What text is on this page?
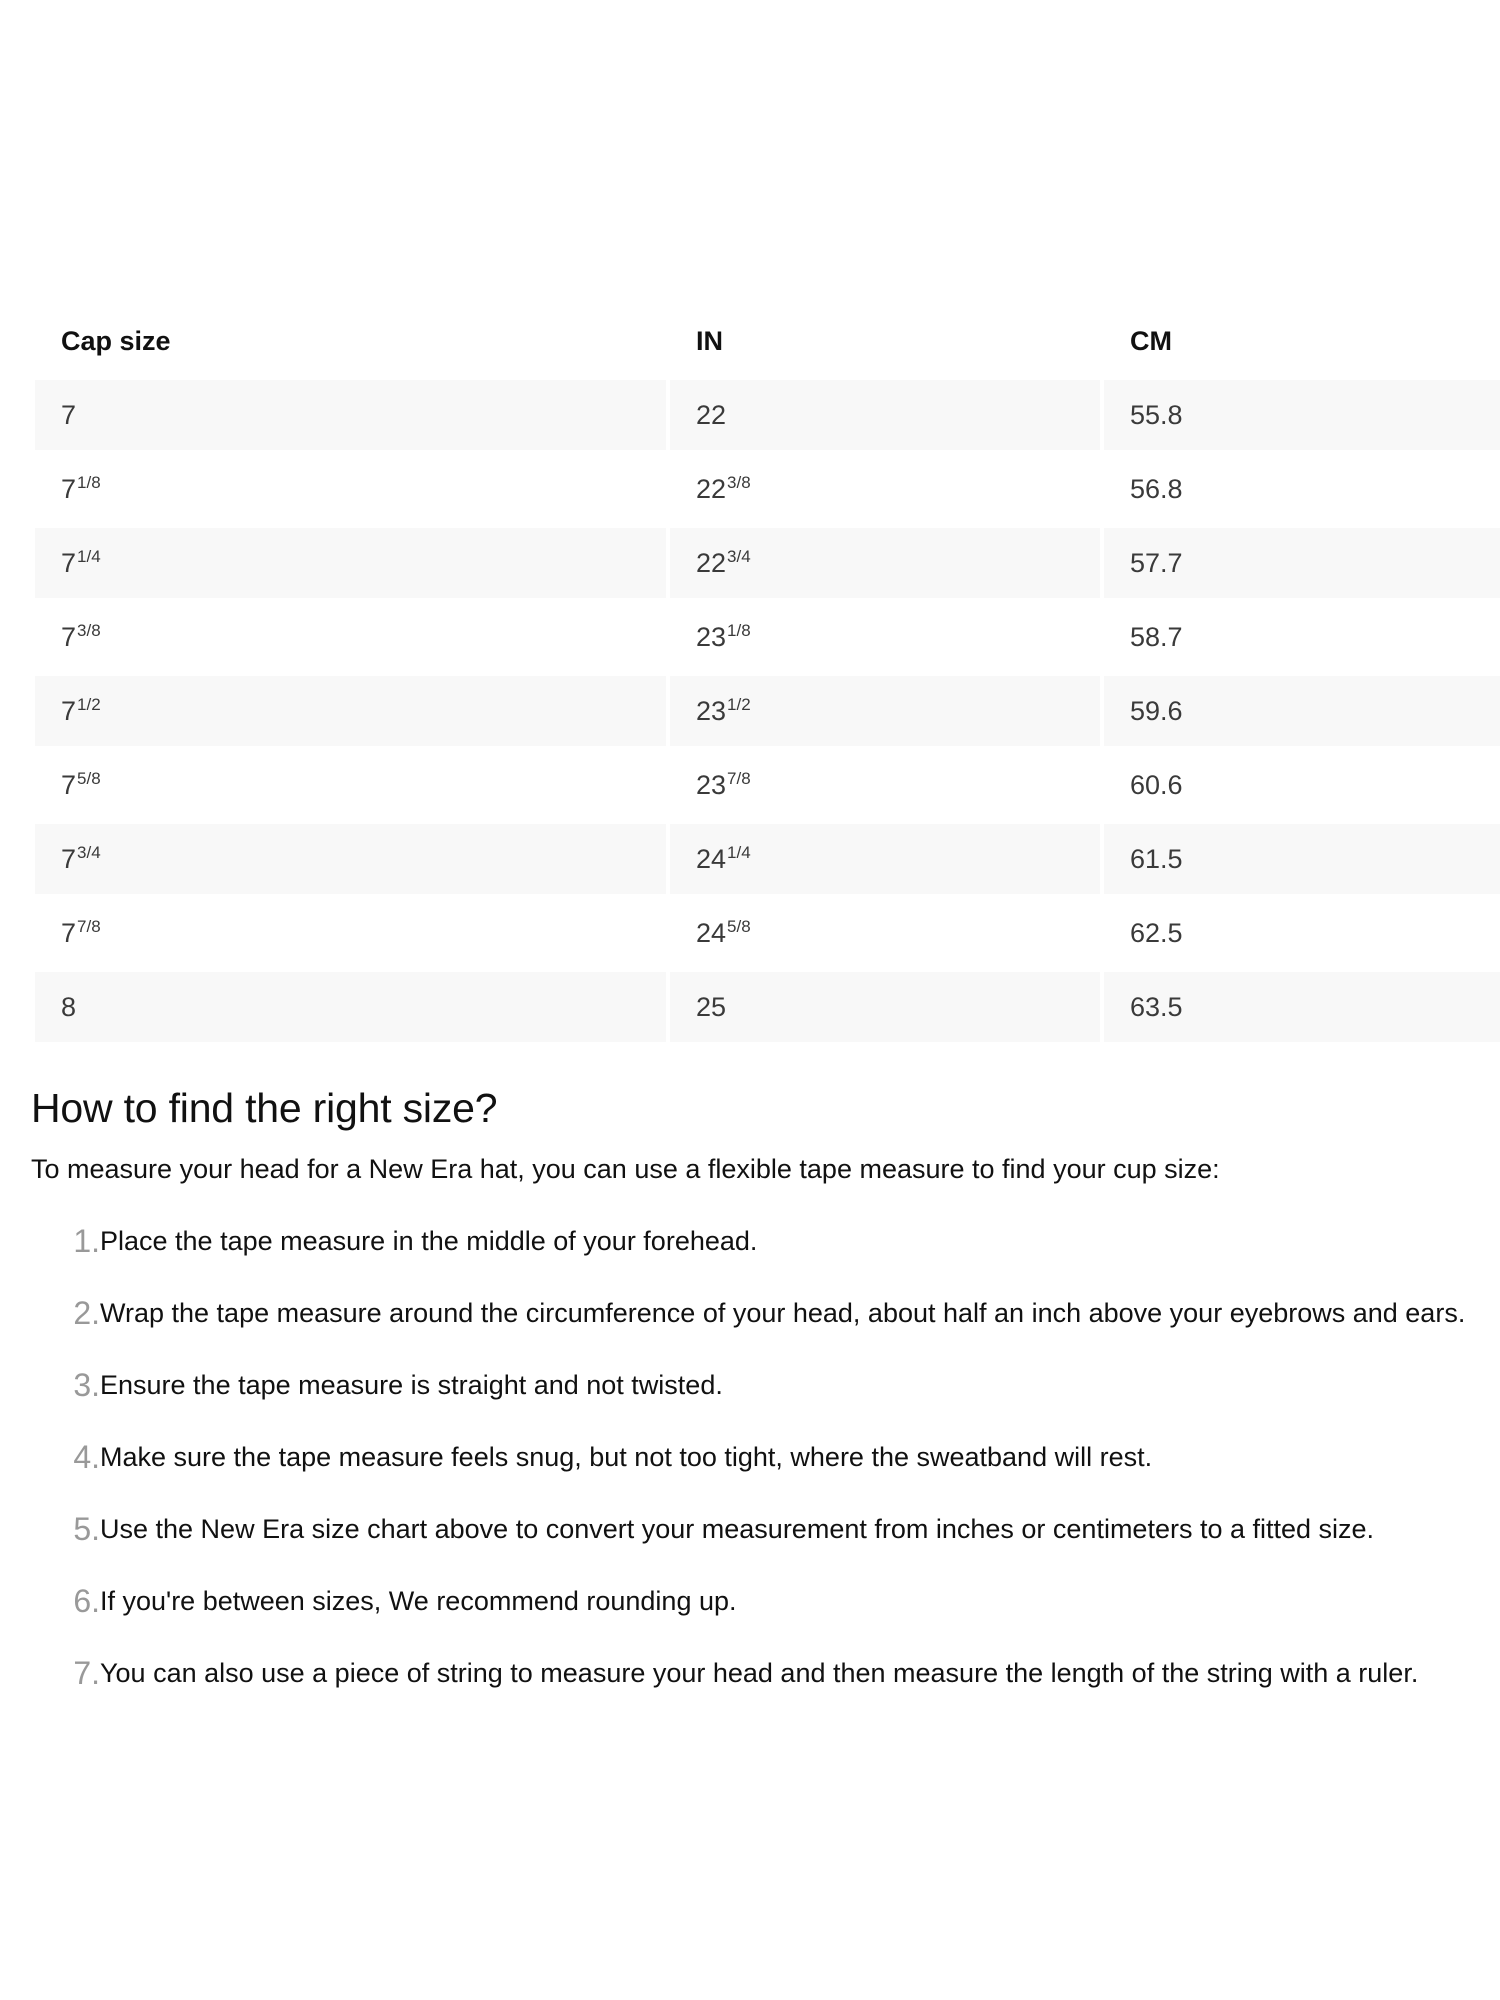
Cap size	IN	CM
7	22	55.8
$7^{1/8}$	$22^{3/8}$	56.8
$7^{1/4}$	$22^{3/4}$	57.7
$7^{3/8}$	$23^{1/8}$	58.7
$7^{1/2}$	$23^{1/2}$	59.6
$7^{5/8}$	$23^{7/8}$	60.6
$7^{3/4}$	$24^{1/4}$	61.5
$7^{7/8}$	$24^{5/8}$	62.5
8	25	63.5
How to find the right size?

To measure your head for a New Era hat, you can use a flexible tape measure to find your cup size:

1. Place the tape measure in the middle of your forehead.
2. Wrap the tape measure around the circumference of your head, about half an inch above your eyebrows and ears.
3. Ensure the tape measure is straight and not twisted.
4. Make sure the tape measure feels snug, but not too tight, where the sweatband will rest.
5. Use the New Era size chart above to convert your measurement from inches or centimeters to a fitted size.
6. If you're between sizes, We recommend rounding up.
7. You can also use a piece of string to measure your head and then measure the length of the string with a ruler.
